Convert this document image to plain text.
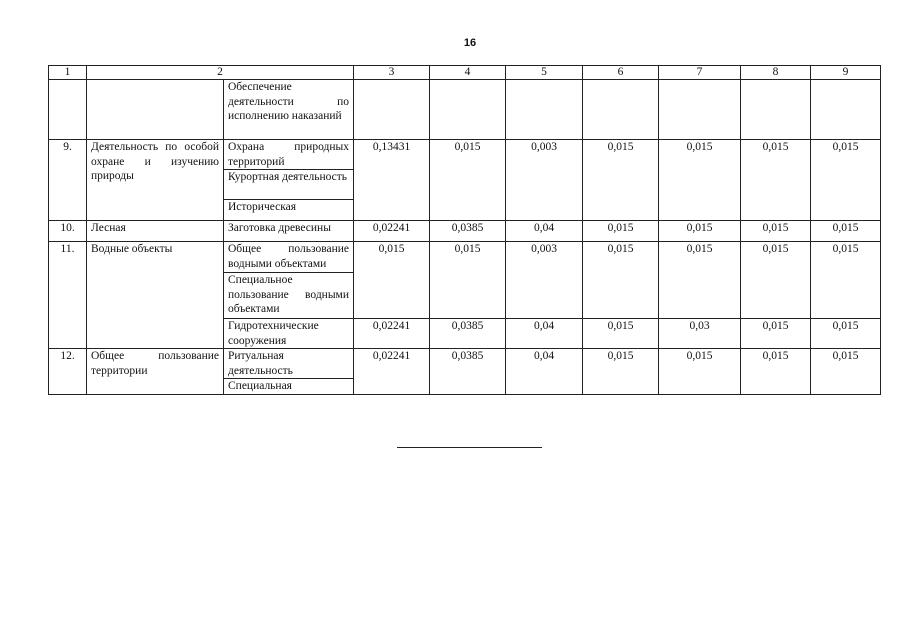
16
1	2		3	4	5	6	7	8	9
		Обеспечение деятельности по исполнению наказаний							
9.	Деятельность по особой охране и изучению природы	Охрана природных территорий	0,13431	0,015	0,003	0,015	0,015	0,015	0,015
		Курортная деятельность							
		Историческая							
10.	Лесная	Заготовка древесины	0,02241	0,0385	0,04	0,015	0,015	0,015	0,015
11.	Водные объекты	Общее пользование водными объектами	0,015	0,015	0,003	0,015	0,015	0,015	0,015
		Специальное пользование водными объектами							
		Гидротехнические сооружения	0,02241	0,0385	0,04	0,015	0,03	0,015	0,015
12.	Общее пользование территории	Ритуальная деятельность	0,02241	0,0385	0,04	0,015	0,015	0,015	0,015
		Специальная							
